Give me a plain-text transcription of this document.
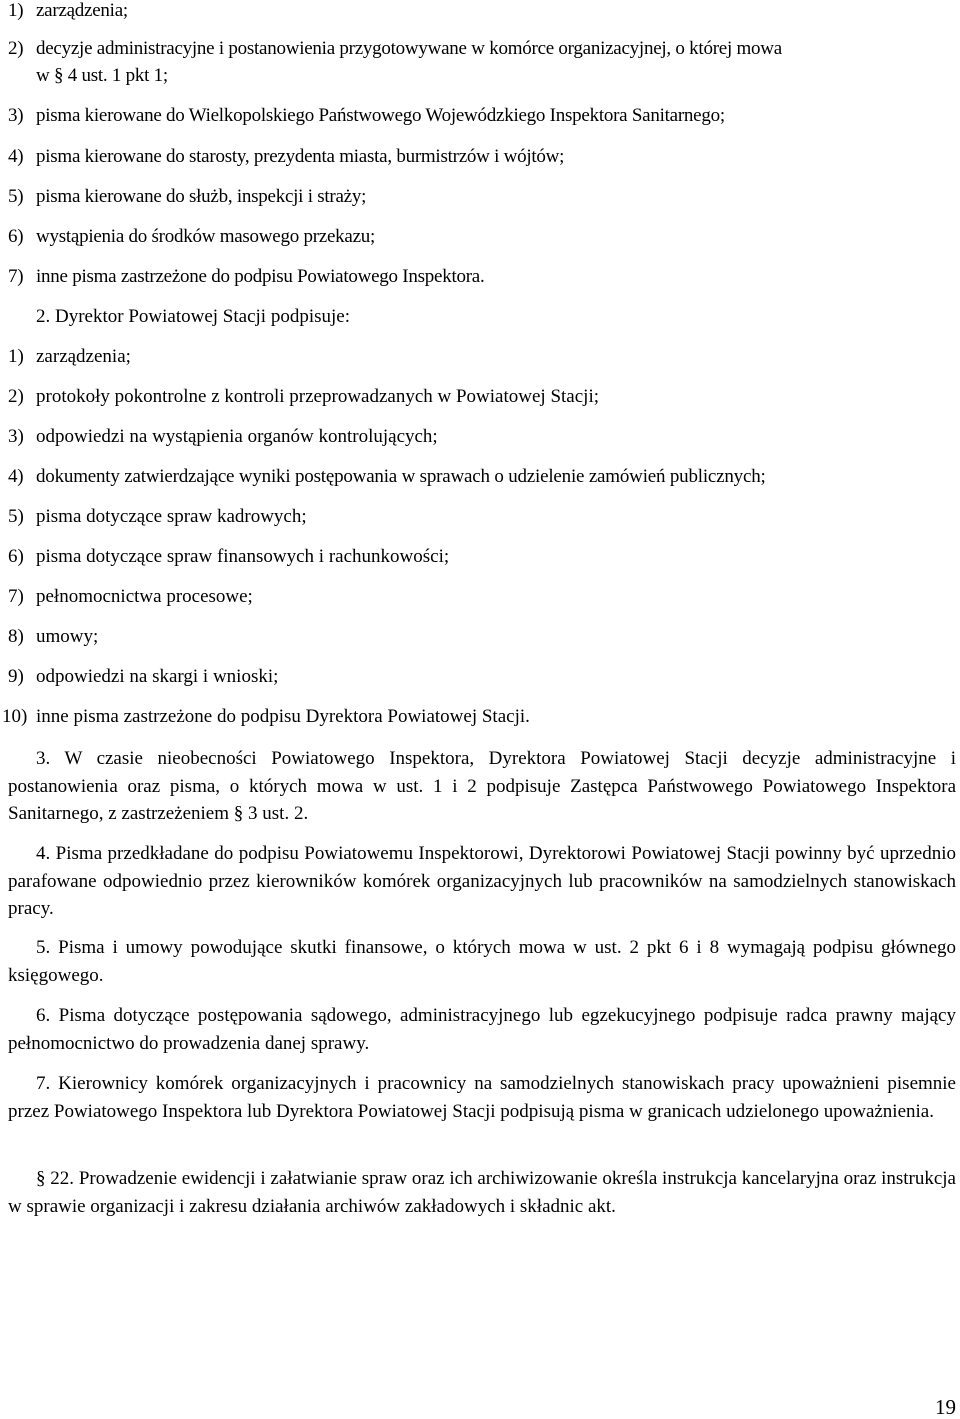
1) zarządzenia;
2) decyzje administracyjne i postanowienia przygotowywane w komórce organizacyjnej, o której mowa
w § 4 ust. 1 pkt 1;
3) pisma kierowane do Wielkopolskiego Państwowego Wojewódzkiego Inspektora Sanitarnego;
4) pisma kierowane do starosty, prezydenta miasta, burmistrzów i wójtów;
5) pisma kierowane do służb, inspekcji i straży;
6) wystąpienia do środków masowego przekazu;
7) inne pisma zastrzeżone do podpisu Powiatowego Inspektora.
2. Dyrektor Powiatowej Stacji podpisuje:
1) zarządzenia;
2) protokoły pokontrolne z kontroli przeprowadzanych w Powiatowej Stacji;
3) odpowiedzi na wystąpienia organów kontrolujących;
4) dokumenty zatwierdzające wyniki postępowania w sprawach o udzielenie zamówień publicznych;
5) pisma dotyczące spraw kadrowych;
6) pisma dotyczące spraw finansowych i rachunkowości;
7) pełnomocnictwa procesowe;
8) umowy;
9) odpowiedzi na skargi i wnioski;
10) inne pisma zastrzeżone do podpisu Dyrektora Powiatowej Stacji.
3. W czasie nieobecności Powiatowego Inspektora, Dyrektora Powiatowej Stacji decyzje administracyjne i postanowienia oraz pisma, o których mowa w ust. 1 i 2 podpisuje Zastępca Państwowego Powiatowego Inspektora Sanitarnego, z zastrzeżeniem § 3 ust. 2.
4. Pisma przedkładane do podpisu Powiatowemu Inspektorowi, Dyrektorowi Powiatowej Stacji powinny być uprzednio parafowane odpowiednio przez kierowników komórek organizacyjnych lub pracowników na samodzielnych stanowiskach pracy.
5. Pisma i umowy powodujące skutki finansowe, o których mowa w ust. 2 pkt 6 i 8 wymagają podpisu głównego księgowego.
6. Pisma dotyczące postępowania sądowego, administracyjnego lub egzekucyjnego podpisuje radca prawny mający pełnomocnictwo do prowadzenia danej sprawy.
7. Kierownicy komórek organizacyjnych i pracownicy na samodzielnych stanowiskach pracy upoważnieni pisemnie przez Powiatowego Inspektora lub Dyrektora Powiatowej Stacji podpisują pisma w granicach udzielonego upoważnienia.
§ 22. Prowadzenie ewidencji i załatwianie spraw oraz ich archiwizowanie określa instrukcja kancelaryjna oraz instrukcja w sprawie organizacji i zakresu działania archiwów zakładowych i składnic akt.
19
